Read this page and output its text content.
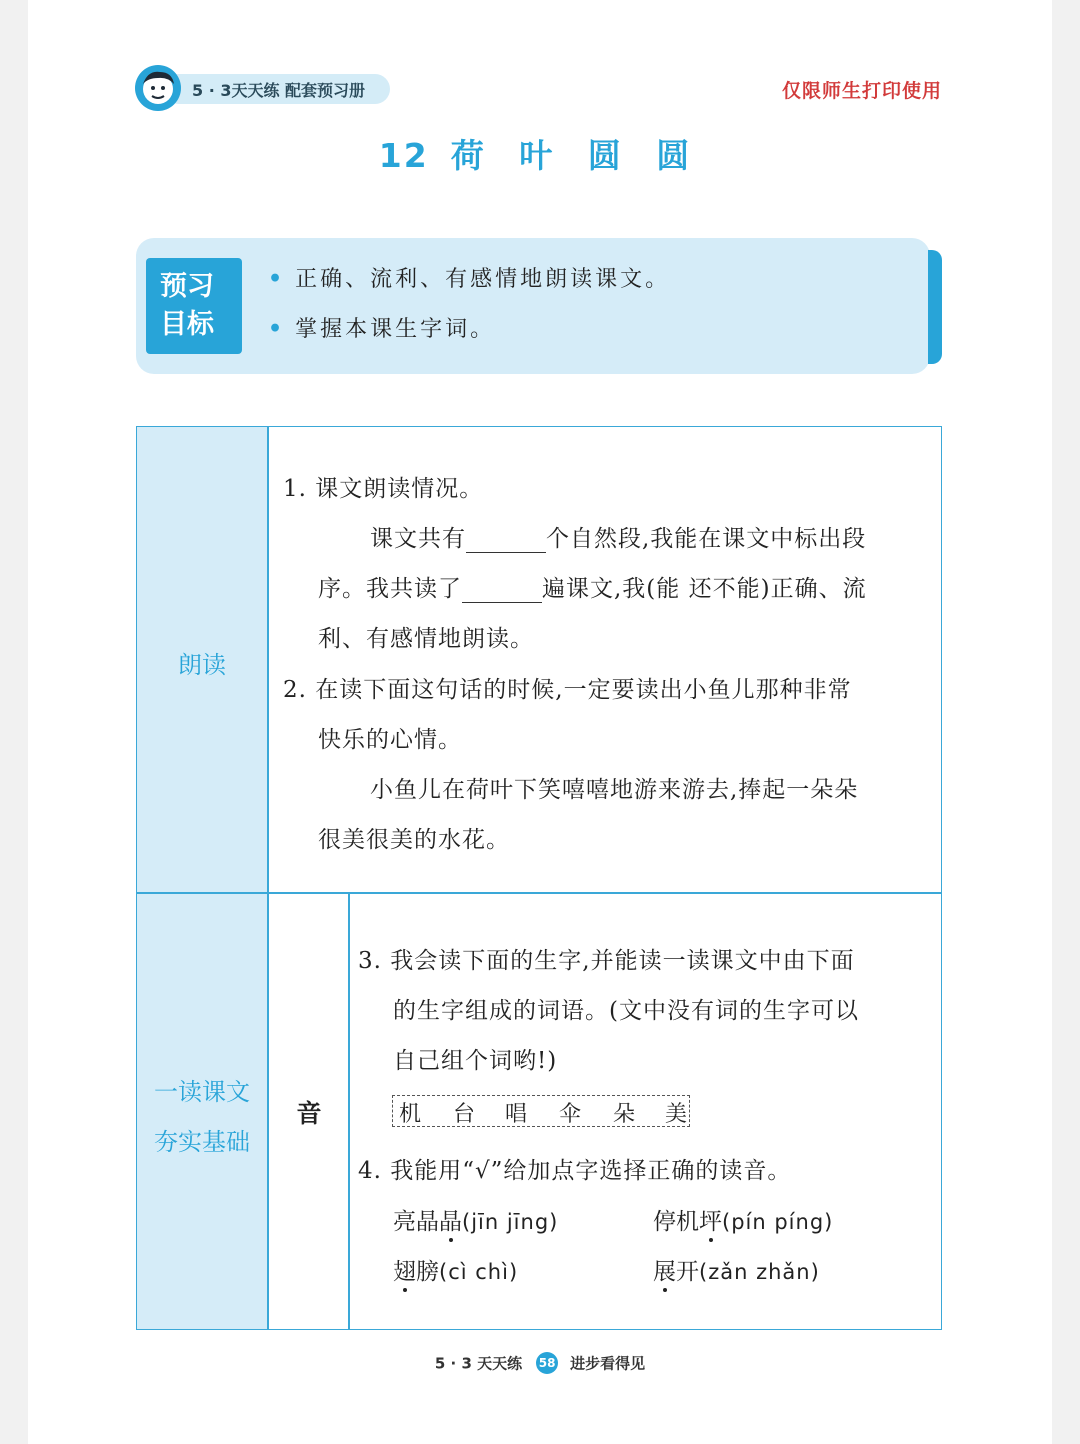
5 · 3天天练 配套预习册	仅限师生打印使用
12 荷 叶 圆 圆
预习
目标
• 正确、流利、有感情地朗读课文。
• 掌握本课生字词。
朗读
1. 课文朗读情况。
课文共有	个自然段,我能在课文中标出段
序。我共读了	遍课文,我(能 还不能)正确、流
利、有感情地朗读。
2. 在读下面这句话的时候,一定要读出小鱼儿那种非常
快乐的心情。
小鱼儿在荷叶下笑嘻嘻地游来游去,捧起一朵朵
很美很美的水花。
一读课文
夯实基础
音
3. 我会读下面的生字,并能读一读课文中由下面
的生字组成的词语。(文中没有词的生字可以
自己组个词哟!)
机 台 唱 伞 朵 美
4. 我能用“√”给加点字选择正确的读音。
亮晶晶(jīn jīng)	停机坪(pín píng)
翅膀(cì chì)	展开(zǎn zhǎn)
5 · 3 天天练 58 进步看得见
